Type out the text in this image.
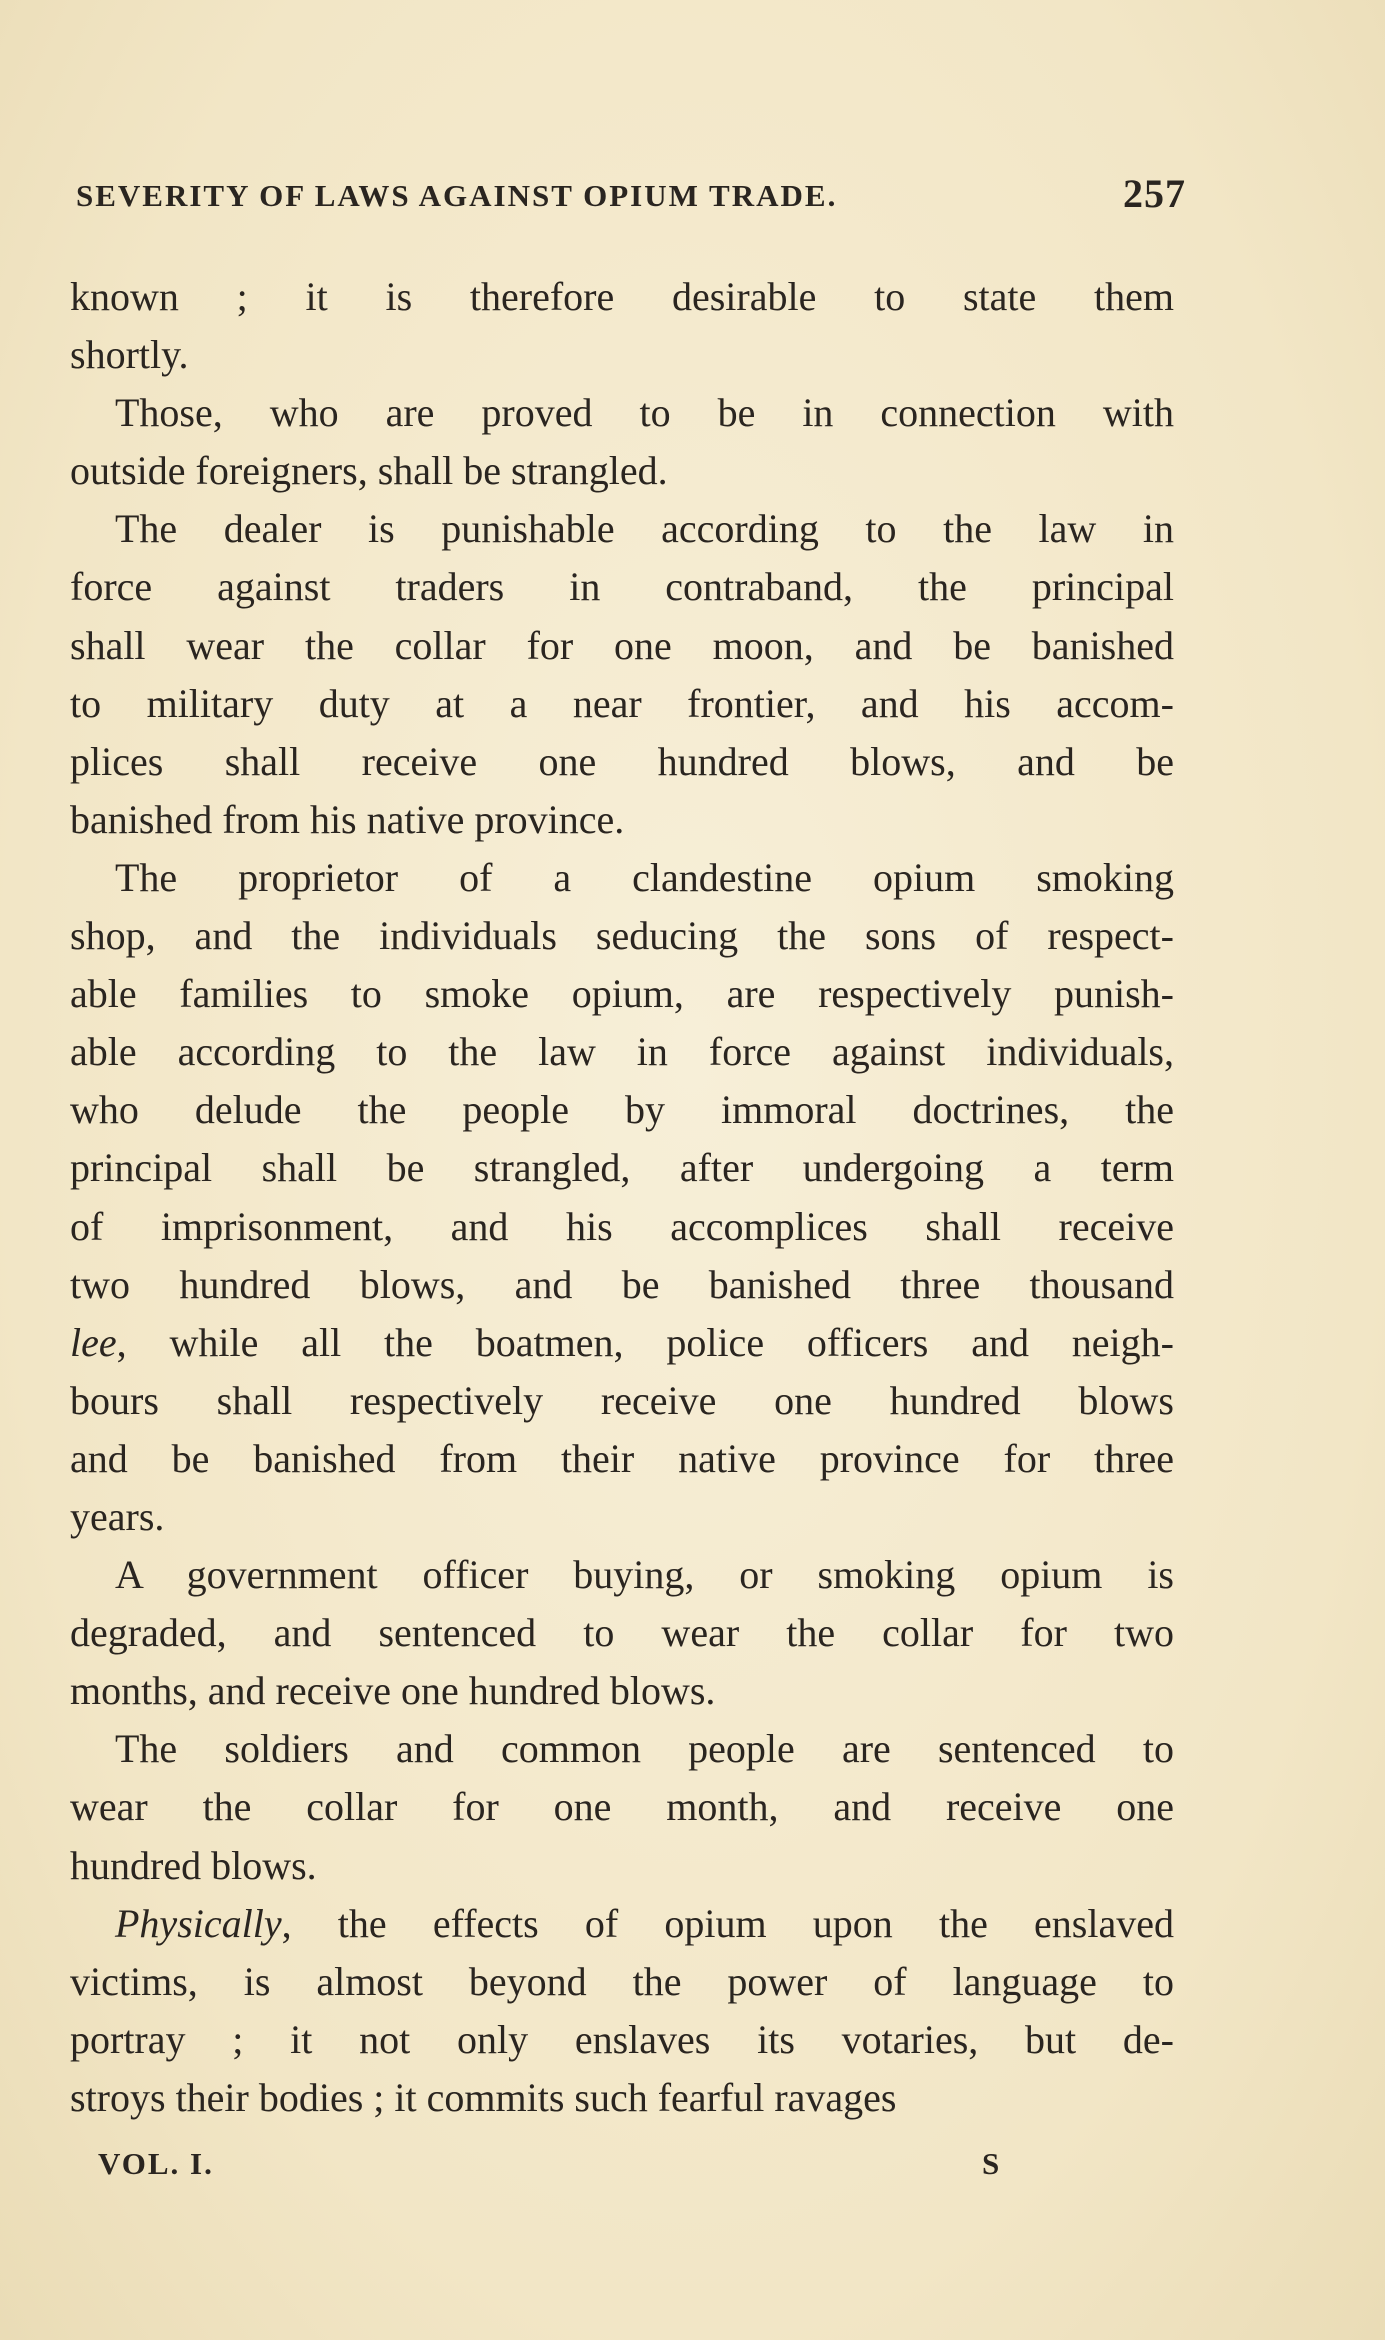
SEVERITY OF LAWS AGAINST OPIUM TRADE.	257
known ; it is therefore desirable to state them
shortly.
Those, who are proved to be in connection with
outside foreigners, shall be strangled.
The dealer is punishable according to the law in
force against traders in contraband, the principal
shall wear the collar for one moon, and be banished
to military duty at a near frontier, and his accom-
plices shall receive one hundred blows, and be
banished from his native province.
The proprietor of a clandestine opium smoking
shop, and the individuals seducing the sons of respect-
able families to smoke opium, are respectively punish-
able according to the law in force against individuals,
who delude the people by immoral doctrines, the
principal shall be strangled, after undergoing a term
of imprisonment, and his accomplices shall receive
two hundred blows, and be banished three thousand
lee, while all the boatmen, police officers and neigh-
bours shall respectively receive one hundred blows
and be banished from their native province for three
years.
A government officer buying, or smoking opium is
degraded, and sentenced to wear the collar for two
months, and receive one hundred blows.
The soldiers and common people are sentenced to
wear the collar for one month, and receive one
hundred blows.
Physically, the effects of opium upon the enslaved
victims, is almost beyond the power of language to
portray ; it not only enslaves its votaries, but de-
stroys their bodies ; it commits such fearful ravages
VOL. I.	S
